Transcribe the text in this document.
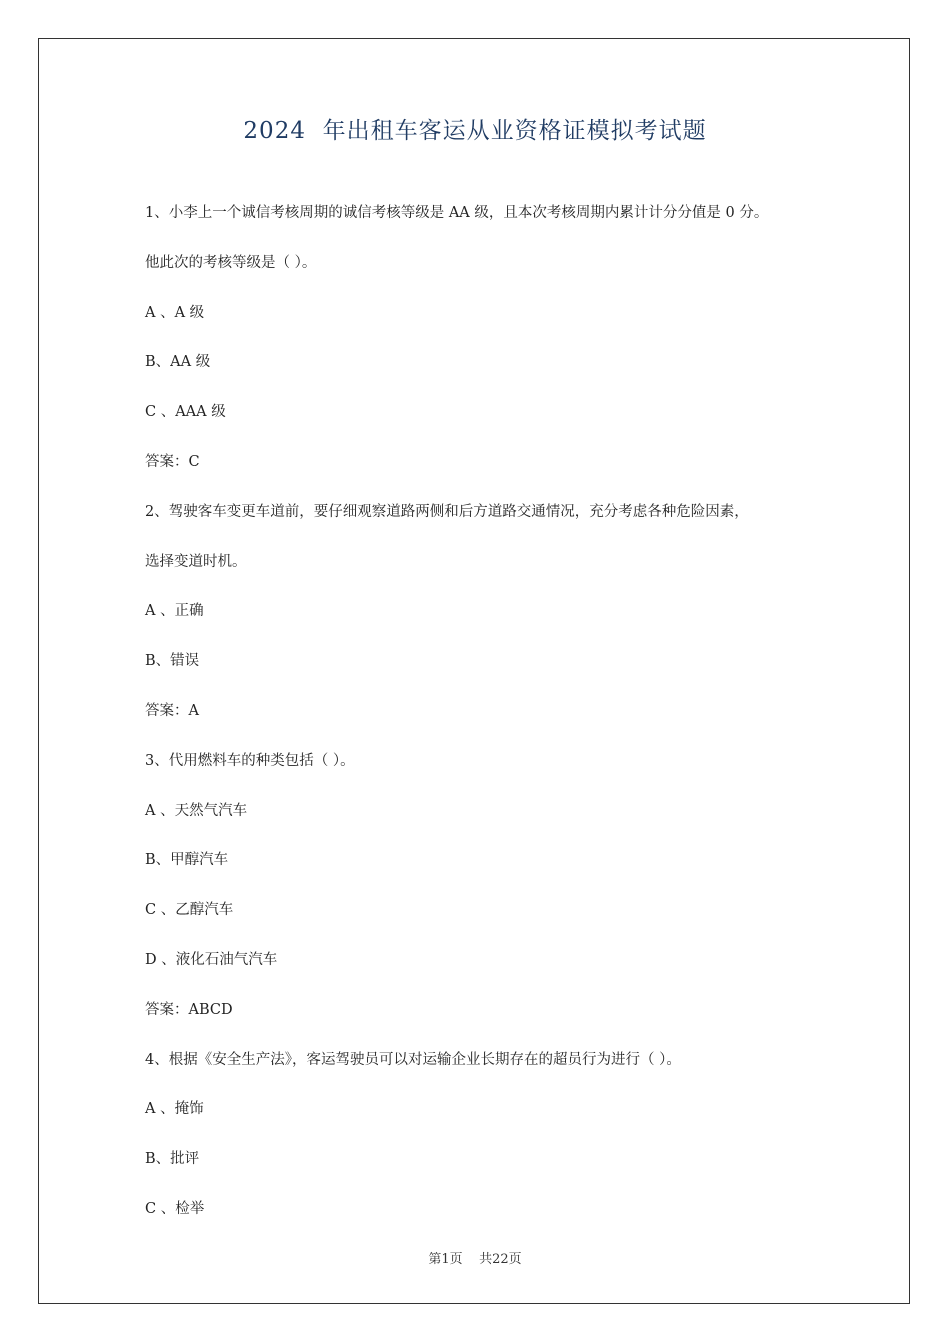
2024  年出租车客运从业资格证模拟考试题
1、小李上一个诚信考核周期的诚信考核等级是 AA 级，且本次考核周期内累计计分分值是 0 分。
他此次的考核等级是（ ）。
A 、A 级
B、AA 级
C 、AAA 级
答案：C
2、驾驶客车变更车道前，要仔细观察道路两侧和后方道路交通情况，充分考虑各种危险因素，
选择变道时机。
A 、正确
B、错误
答案：A
3、代用燃料车的种类包括（ ）。
A 、天然气汽车
B、甲醇汽车
C 、乙醇汽车
D 、液化石油气汽车
答案：ABCD
4、根据《安全生产法》，客运驾驶员可以对运输企业长期存在的超员行为进行（ ）。
A 、掩饰
B、批评
C 、检举
第1页 共22页
